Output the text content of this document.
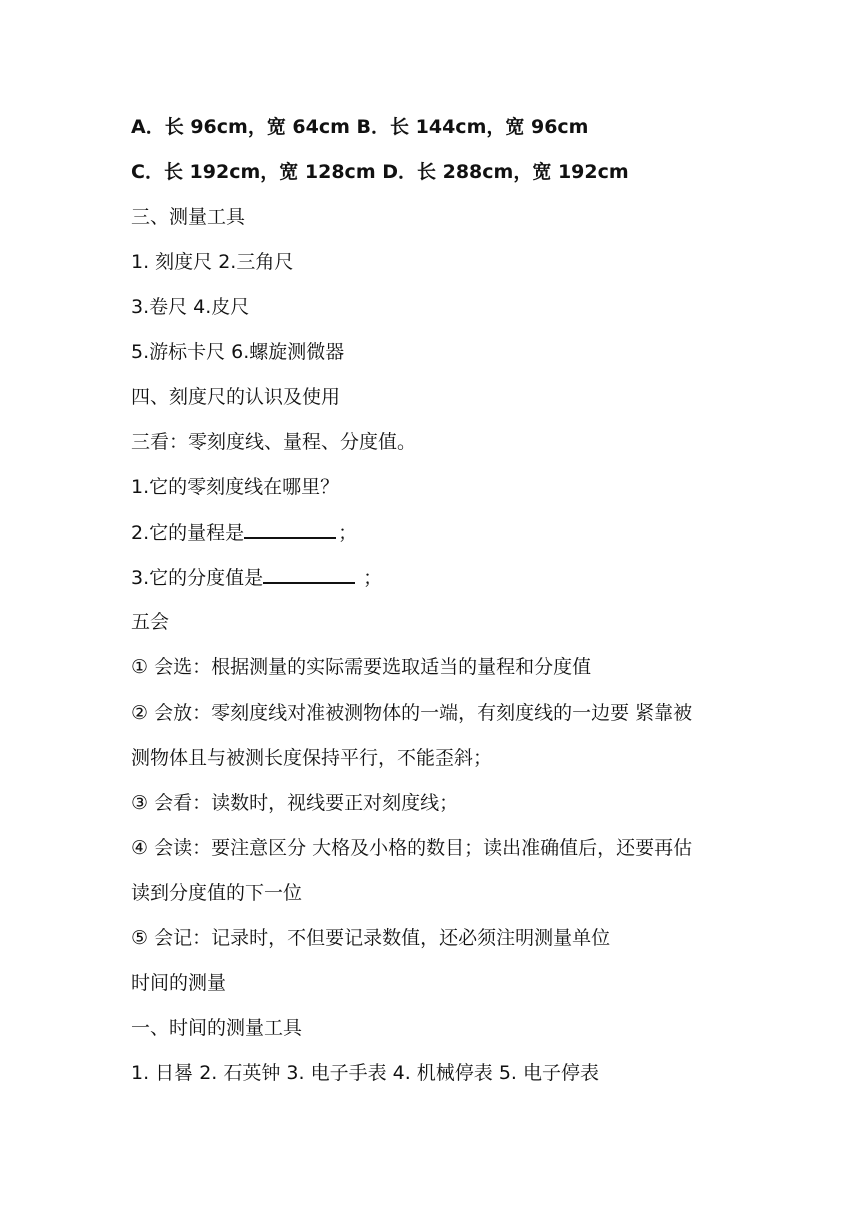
A．长 96cm，宽 64cm B．长 144cm，宽 96cm
C．长 192cm，宽 128cm D．长 288cm，宽 192cm
三、测量工具
1. 刻度尺 2.三角尺
3.卷尺 4.皮尺
5.游标卡尺 6.螺旋测微器
四、刻度尺的认识及使用
三看：零刻度线、量程、分度值。
1.它的零刻度线在哪里？
2.它的量程是	；
3.它的分度值是	；
五会
① 会选：根据测量的实际需要选取适当的量程和分度值
② 会放：零刻度线对准被测物体的一端，有刻度线的一边要 紧靠被
测物体且与被测长度保持平行，不能歪斜；
③ 会看：读数时，视线要正对刻度线；
④ 会读：要注意区分 大格及小格的数目；读出准确值后，还要再估
读到分度值的下一位
⑤ 会记：记录时，不但要记录数值，还必须注明测量单位
时间的测量
一、时间的测量工具
1. 日晷 2. 石英钟 3. 电子手表 4. 机械停表 5. 电子停表
